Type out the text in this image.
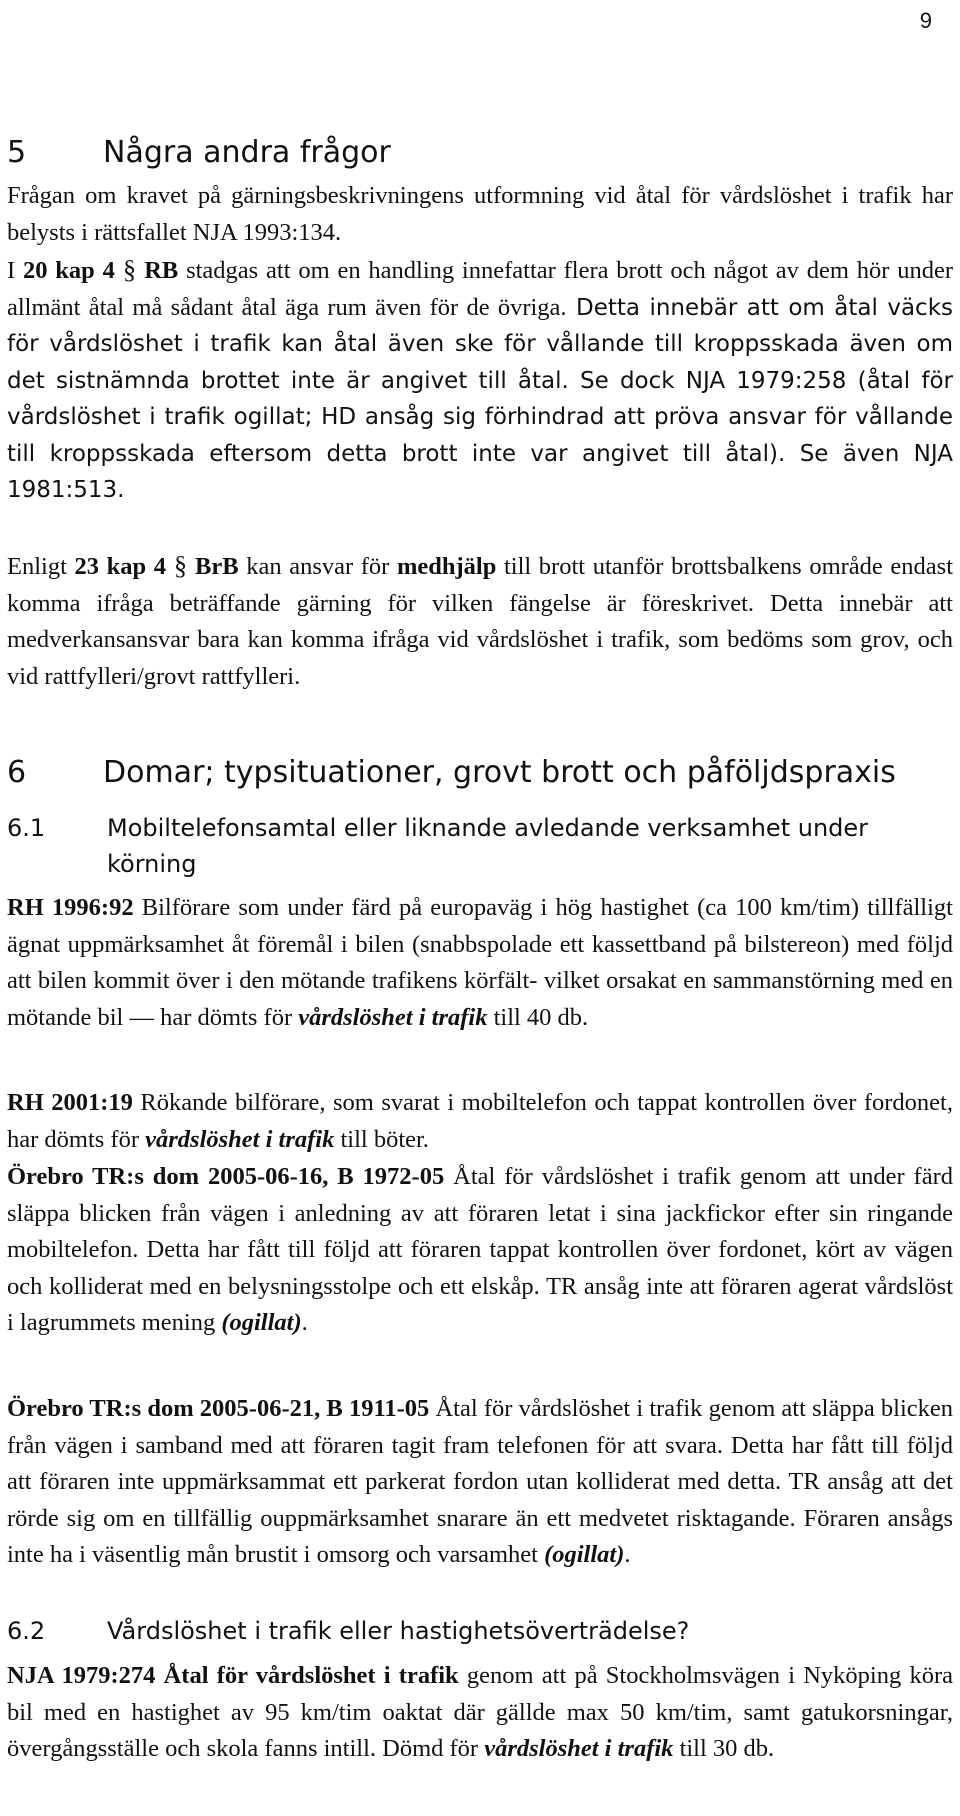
9
5	Några andra frågor

Frågan om kravet på gärningsbeskrivningens utformning vid åtal för vårdslöshet i trafik har belysts i rättsfallet NJA 1993:134.

I 20 kap 4 § RB stadgas att om en handling innefattar flera brott och något av dem hör under allmänt åtal må sådant åtal äga rum även för de övriga. Detta innebär att om åtal väcks för vårdslöshet i trafik kan åtal även ske för vållande till kroppsskada även om det sistnämnda brottet inte är angivet till åtal. Se dock NJA 1979:258 (åtal för vårdslöshet i trafik ogillat; HD ansåg sig förhindrad att pröva ansvar för vållande till kroppsskada eftersom detta brott inte var angivet till åtal). Se även NJA 1981:513.

Enligt 23 kap 4 § BrB kan ansvar för medhjälp till brott utanför brottsbalkens område endast komma ifråga beträffande gärning för vilken fängelse är föreskrivet. Detta innebär att medverkansansvar bara kan komma ifråga vid vårdslöshet i trafik, som bedöms som grov, och vid rattfylleri/grovt rattfylleri.

6	Domar; typsituationer, grovt brott och påföljdspraxis
6.1	Mobiltelefonsamtal eller liknande avledande verksamhet under körning

RH 1996:92 Bilförare som under färd på europaväg i hög hastighet (ca 100 km/tim) tillfälligt ägnat uppmärksamhet åt föremål i bilen (snabbspolade ett kassettband på bilstereon) med följd att bilen kommit över i den mötande trafikens körfält- vilket orsakat en sammanstörning med en mötande bil — har dömts för vårdslöshet i trafik till 40 db.

RH 2001:19 Rökande bilförare, som svarat i mobiltelefon och tappat kontrollen över fordonet, har dömts för vårdslöshet i trafik till böter.

Örebro TR:s dom 2005-06-16, B 1972-05 Åtal för vårdslöshet i trafik genom att under färd släppa blicken från vägen i anledning av att föraren letat i sina jackfickor efter sin ringande mobiltelefon. Detta har fått till följd att föraren tappat kontrollen över fordonet, kört av vägen och kolliderat med en belysningsstolpe och ett elskåp. TR ansåg inte att föraren agerat vårdslöst i lagrummets mening (ogillat).

Örebro TR:s dom 2005-06-21, B 1911-05 Åtal för vårdslöshet i trafik genom att släppa blicken från vägen i samband med att föraren tagit fram telefonen för att svara. Detta har fått till följd att föraren inte uppmärksammat ett parkerat fordon utan kolliderat med detta. TR ansåg att det rörde sig om en tillfällig ouppmärksamhet snarare än ett medvetet risktagande. Föraren ansågs inte ha i väsentlig mån brustit i omsorg och varsamhet (ogillat).

6.2	Vårdslöshet i trafik eller hastighetsöverträdelse?

NJA 1979:274 Åtal för vårdslöshet i trafik genom att på Stockholmsvägen i Nyköping köra bil med en hastighet av 95 km/tim oaktat där gällde max 50 km/tim, samt gatukorsningar, övergångsställe och skola fanns intill. Dömd för vårdslöshet i trafik till 30 db.
